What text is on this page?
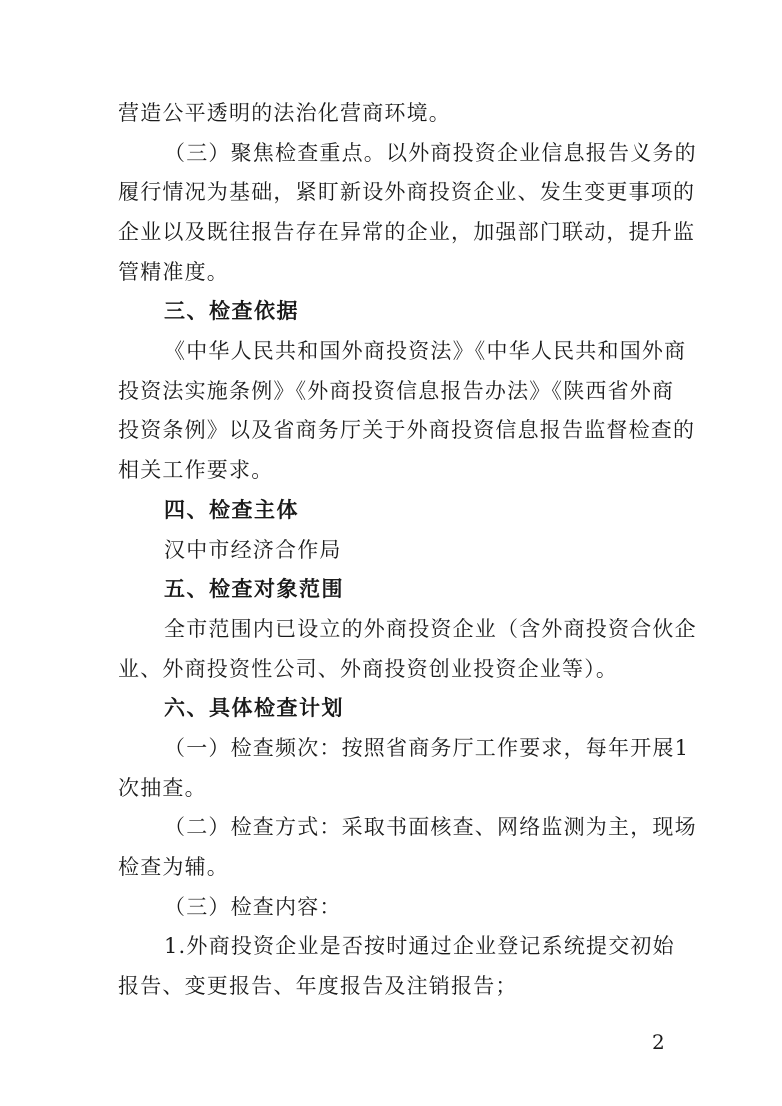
营造公平透明的法治化营商环境。
（三）聚焦检查重点。以外商投资企业信息报告义务的
履行情况为基础，紧盯新设外商投资企业、发生变更事项的
企业以及既往报告存在异常的企业，加强部门联动，提升监
管精准度。
三、检查依据
《中华人民共和国外商投资法》《中华人民共和国外商
投资法实施条例》《外商投资信息报告办法》《陕西省外商
投资条例》以及省商务厅关于外商投资信息报告监督检查的
相关工作要求。
四、检查主体
汉中市经济合作局
五、检查对象范围
全市范围内已设立的外商投资企业（含外商投资合伙企
业、外商投资性公司、外商投资创业投资企业等）。
六、具体检查计划
（一）检查频次：按照省商务厅工作要求，每年开展1
次抽查。
（二）检查方式：采取书面核查、网络监测为主，现场
检查为辅。
（三）检查内容：
1.外商投资企业是否按时通过企业登记系统提交初始
报告、变更报告、年度报告及注销报告；
2
